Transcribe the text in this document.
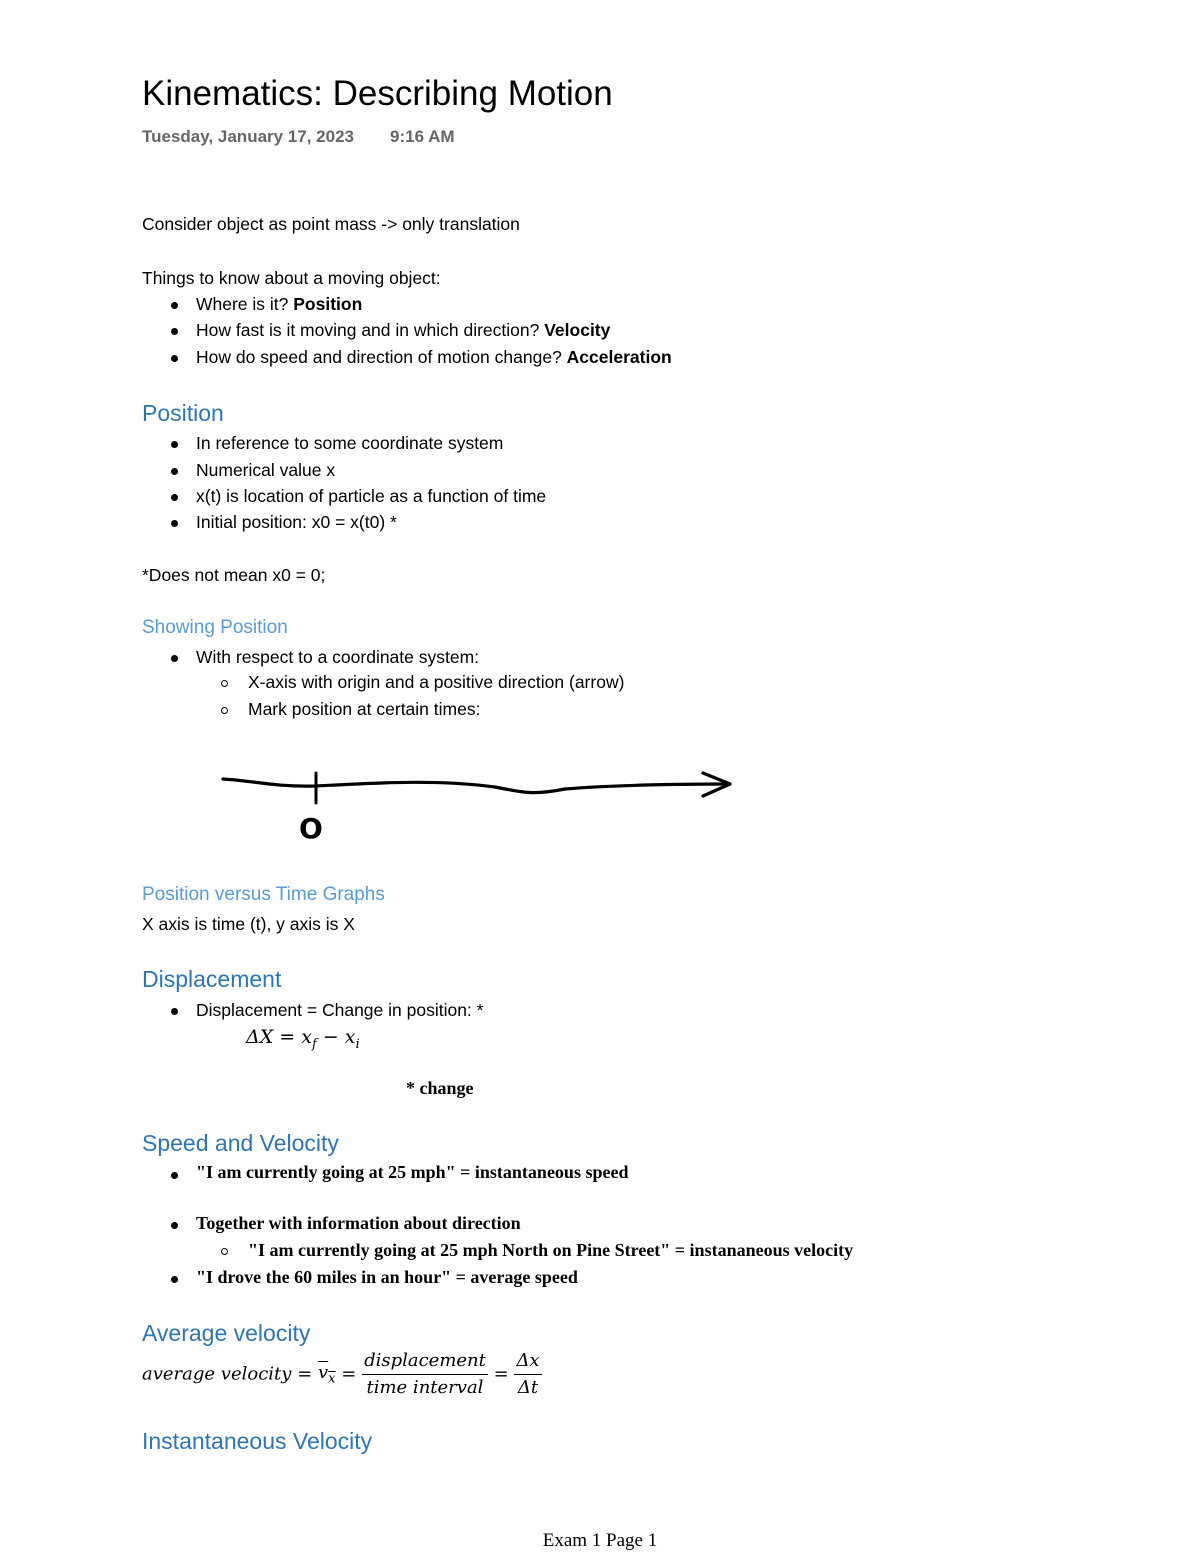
Kinematics: Describing Motion
Tuesday, January 17, 2023 9:16 AM
Consider object as point mass -> only translation
Things to know about a moving object:
Where is it? Position
How fast is it moving and in which direction? Velocity
How do speed and direction of motion change? Acceleration
Position
In reference to some coordinate system
Numerical value x
x(t) is location of particle as a function of time
Initial position: x0 = x(t0) *
*Does not mean x0 = 0;
Showing Position
With respect to a coordinate system:
X-axis with origin and a positive direction (arrow)
Mark position at certain times:
O
Position versus Time Graphs
X axis is time (t), y axis is X
Displacement
Displacement = Change in position: *
$\Delta X = x_f - x_i$
* change
Speed and Velocity
"I am currently going at 25 mph" = instantaneous speed
Together with information about direction
"I am currently going at 25 mph North on Pine Street" = instananeous velocity
"I drove the 60 miles in an hour" = average speed
Average velocity
average velocity = $v_x = \frac{\text{displacement}}{\text{time interval}} = \frac{\Delta x}{\Delta t}$
Instantaneous Velocity
Exam 1 Page 1
